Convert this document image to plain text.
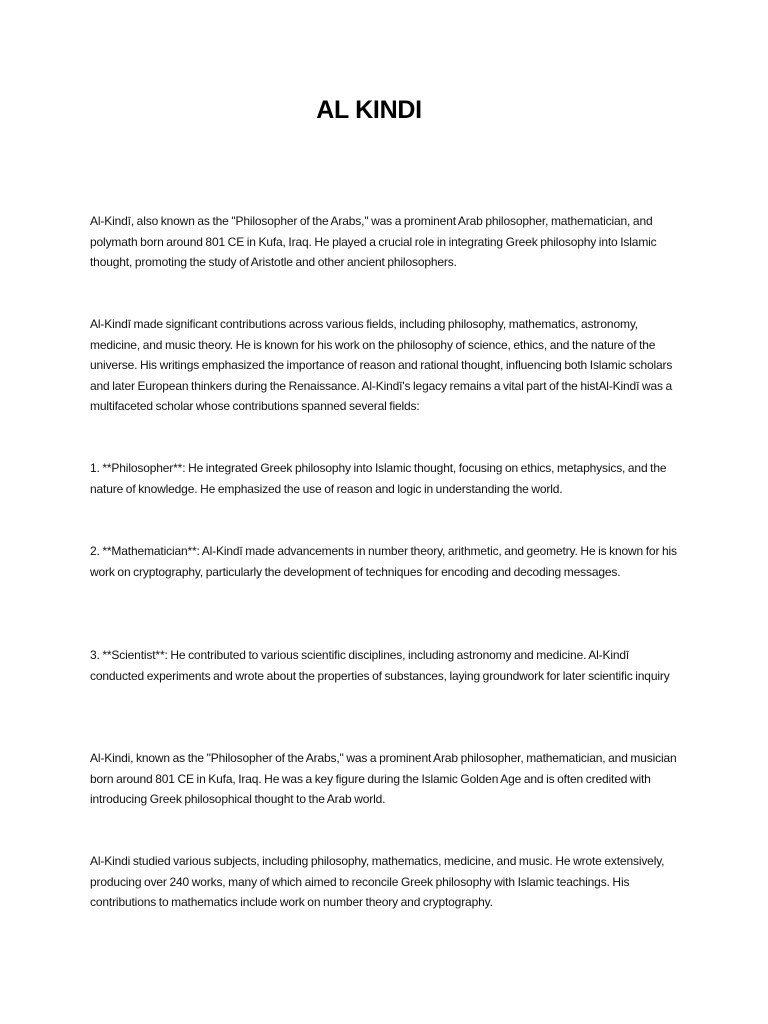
AL KINDI

Al-Kindī, also known as the "Philosopher of the Arabs," was a prominent Arab philosopher, mathematician, and polymath born around 801 CE in Kufa, Iraq. He played a crucial role in integrating Greek philosophy into Islamic thought, promoting the study of Aristotle and other ancient philosophers.

Al-Kindī made significant contributions across various fields, including philosophy, mathematics, astronomy, medicine, and music theory. He is known for his work on the philosophy of science, ethics, and the nature of the universe. His writings emphasized the importance of reason and rational thought, influencing both Islamic scholars and later European thinkers during the Renaissance. Al-Kindī's legacy remains a vital part of the histAl-Kindī was a multifaceted scholar whose contributions spanned several fields:

1. **Philosopher**: He integrated Greek philosophy into Islamic thought, focusing on ethics, metaphysics, and the nature of knowledge. He emphasized the use of reason and logic in understanding the world.

2. **Mathematician**: Al-Kindī made advancements in number theory, arithmetic, and geometry. He is known for his work on cryptography, particularly the development of techniques for encoding and decoding messages.

3. **Scientist**: He contributed to various scientific disciplines, including astronomy and medicine. Al-Kindī conducted experiments and wrote about the properties of substances, laying groundwork for later scientific inquiry

Al-Kindi, known as the "Philosopher of the Arabs," was a prominent Arab philosopher, mathematician, and musician born around 801 CE in Kufa, Iraq. He was a key figure during the Islamic Golden Age and is often credited with introducing Greek philosophical thought to the Arab world.

Al-Kindi studied various subjects, including philosophy, mathematics, medicine, and music. He wrote extensively, producing over 240 works, many of which aimed to reconcile Greek philosophy with Islamic teachings. His contributions to mathematics include work on number theory and cryptography.
